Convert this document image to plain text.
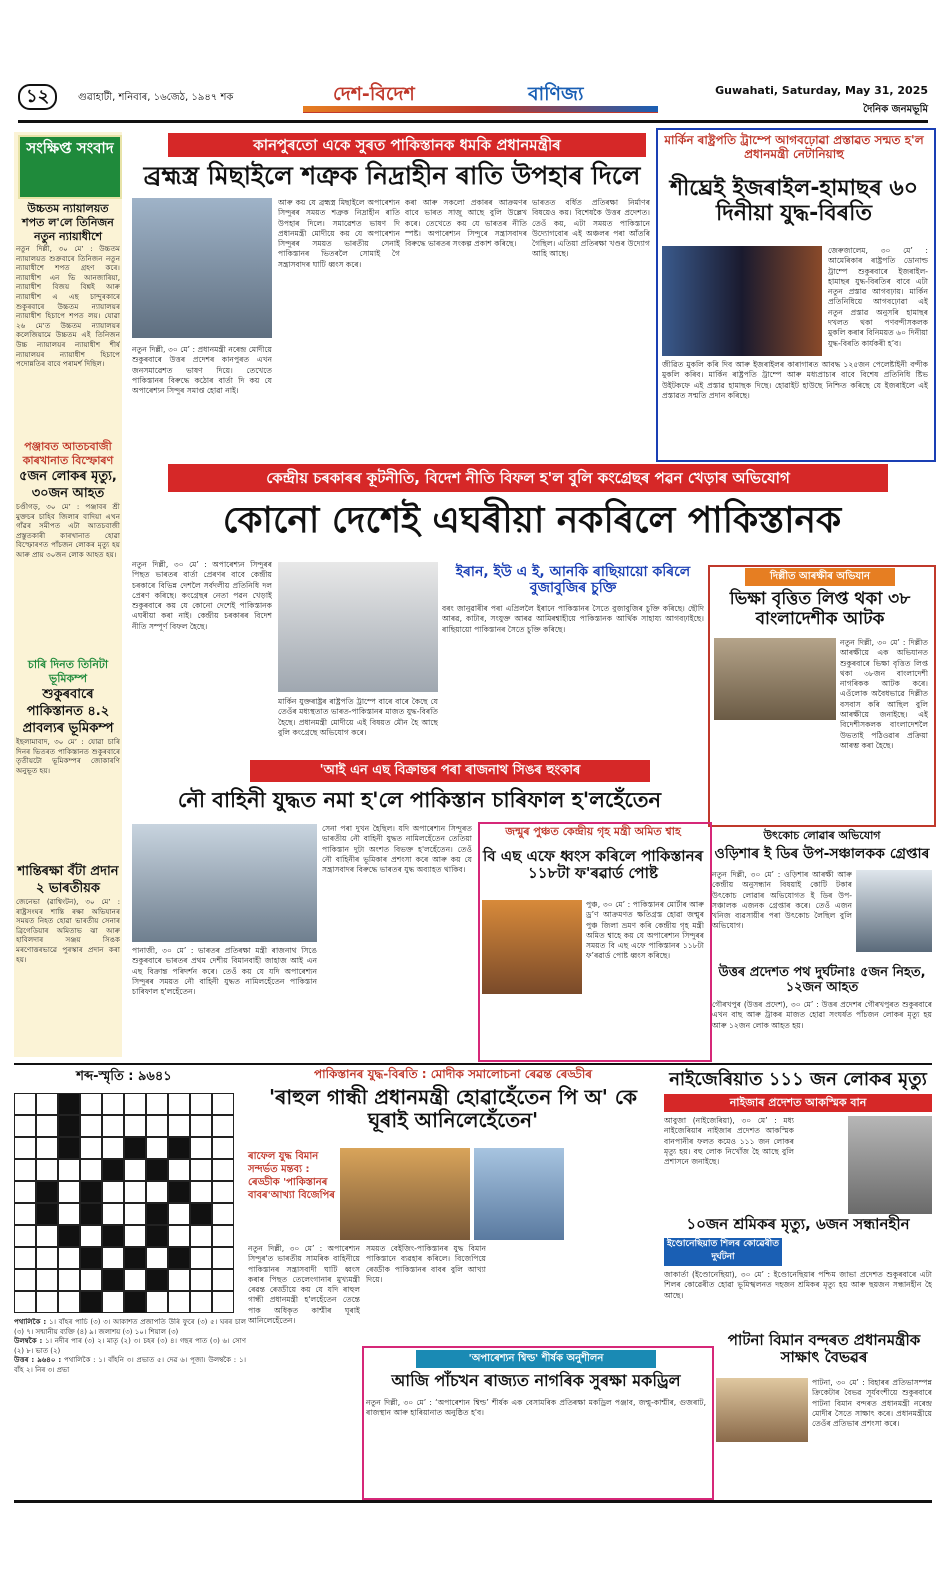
১২	গুৱাহাটী, শনিবাৰ, ১৬জেঠ, ১৯৪৭ শক	দেশ-বিদেশ	বাণিজ্য	Guwahati, Saturday, May 31, 2025
দৈনিক জনমভূমি
সংক্ষিপ্ত সংবাদ
উচ্চতম ন্যায়ালয়ত শপত ল'লে তিনিজন নতুন ন্যায়াধীশে
নতুন দিল্লী, ৩০ মে’ : উচ্চতম ন্যায়ালয়ত শুক্ৰবাৰে তিনিজন নতুন ন্যায়াধীশে শপত গ্ৰহণ কৰে। ন্যায়াধীশ এন ভি আনজাৰিয়া, ন্যায়াধীশ বিজয় বিশ্নই আৰু ন্যায়াধীশ এ এছ চান্দুৰকাৰে শুকুৰবাৰে উচ্চতম ন্যায়ালয়ৰ ন্যায়াধীশ হিচাপে শপত লয়। যোৱা ২৬ মে’ত উচ্চতম ন্যায়ালয়ৰ কলেজিয়ামে উচ্চতম এই তিনিজন উচ্চ ন্যায়ালয়ৰ ন্যায়াধীশ শীৰ্ষ ন্যায়ালয়ৰ ন্যায়াধীশ হিচাপে পদোন্নতিৰ বাবে পৰামৰ্শ দিছিল।
পঞ্জাবত আতচবাজী কাৰখানাত বিস্ফোৰণ
৫জন লোকৰ মৃত্যু, ৩০জন আহত
চণ্ডীগড়, ৩০ মে’ : পঞ্জাবৰ শ্ৰী মুক্তচৰ চাহিব জিলাৰ বাদিয়া এখন গাঁৱৰ সমীপত এটা আতচবাজী প্ৰস্তুতকাৰী কাৰখানাত হোৱা বিস্ফোৰণত পাঁচজন লোকৰ মৃত্যু হয় আৰু প্ৰায় ৩০জন লোক আহত হয়।
চাৰি দিনত তিনিটা ভূমিকম্প
শুকুৰবাৰে পাকিস্তানত ৪.২ প্ৰাবল্যৰ ভূমিকম্প
ইছলামাবাদ, ৩০ মে’ : যোৱা চাৰি দিনৰ ভিতৰত পাকিস্তানত শুকুৰবাৰে তৃতীয়টো ভূমিকম্পৰ জোকাৰণি অনুভূত হয়।
শান্তিৰক্ষা বঁটা প্ৰদান ২ ভাৰতীয়ক
জেনেভা (ৱাশ্বিংটন), ৩০ মে’ : ৰাষ্ট্ৰসংঘৰ শান্তি ৰক্ষা অভিযানৰ সময়ত নিহত হোৱা ভাৰতীয় সেনাৰ ব্ৰিগেডিয়াৰ অমিতাভ ঝা আৰু হাবিলদাৰ সঞ্জয় সিঙক মৰণোত্তৰভাৱে পুৰস্কাৰ প্ৰদান কৰা হয়।
কানপুৰতো একে সুৰত পাকিস্তানক ধমকি প্ৰধানমন্ত্ৰীৰ
ব্ৰহ্মস্ত্ৰ মিছাইলে শত্ৰুক নিদ্ৰাহীন ৰাতি উপহাৰ দিলে
নতুন দিল্লী, ৩০ মে’ : প্ৰধানমন্ত্ৰী নৰেন্দ্ৰ মোদীয়ে শুকুৰবাৰে উত্তৰ প্ৰদেশৰ কানপুৰত এখন জনসমাৱেশত ভাষণ দিয়ে। তেখেতে পাকিস্তানৰ বিৰুদ্ধে কঠোৰ বাৰ্তা দি কয় যে অপাৰেশ্যন সিন্দুৰ সমাপ্ত হোৱা নাই।
আৰু কয় যে ব্ৰহ্মস্ত্ৰ মিছাইলে অপাৰেশ্যন সিন্দুৰৰ সময়ত শত্ৰুক নিদ্ৰাহীন ৰাতি উপহাৰ দিলে। সমাৱেশত ভাষণ দি প্ৰধানমন্ত্ৰী মোদীয়ে কয় যে অপাৰেশ্যন সিন্দুৰৰ সময়ত ভাৰতীয় সেনাই পাকিস্তানৰ ভিতৰলৈ সোমাই গৈ সন্ত্ৰাসবাদৰ ঘাটি ধ্বংস কৰে।
কৰা আৰু সকলো প্ৰকাৰৰ আক্ৰমণৰ বাবে ভাৰত সাজু আছে বুলি উল্লেখ কৰে। তেখেতে কয় যে ভাৰতৰ নীতি স্পষ্ট। অপাৰেশ্যন সিন্দুৰে সন্ত্ৰাসবাদৰ বিৰুদ্ধে ভাৰতৰ সংকল্প প্ৰকাশ কৰিছে।
ভাৰতত বৰ্ধিত প্ৰতিৰক্ষা নিৰ্মাণৰ বিষয়েও কয়। বিশেষকৈ উত্তৰ প্ৰদেশত। তেওঁ কয়, এটা সময়ত পাকিস্তানে উদ্যোগবোৰ এই অঞ্চলৰ পৰা আঁতৰি গৈছিল। এতিয়া প্ৰতিৰক্ষা খণ্ডৰ উদ্যোগ আহি আছে।
মাৰ্কিন ৰাষ্ট্ৰপতি ট্ৰাম্পে আগবঢ়োৱা প্ৰস্তাৱত সন্মত হ'ল প্ৰধানমন্ত্ৰী নেটানিয়াহু
শীঘ্ৰেই ইজৰাইল-হামাছৰ ৬০ দিনীয়া যুদ্ধ-বিৰতি
জেৰুজালেম, ৩০ মে’ : আমেৰিকাৰ ৰাষ্ট্ৰপতি ডোনাল্ড ট্ৰাম্পে শুকুৰবাৰে ইজৰাইল-হামাছৰ যুদ্ধ-বিৰতিৰ বাবে এটা নতুন প্ৰস্তাৱ আগবঢ়ায়। মাৰ্কিন প্ৰতিনিধিয়ে আগবঢ়োৱা এই নতুন প্ৰস্তাৱ অনুসৰি হামাছৰ দখলত থকা পণবন্দীসকলক মুকলি কৰাৰ বিনিময়ত ৬০ দিনীয়া যুদ্ধ-বিৰতি কাৰ্যকৰী হ’ব।
জীৱিত মুকলি কৰি দিব আৰু ইজৰাইলৰ কাৰাগাৰত আবদ্ধ ১২৫জন পেলেষ্টাইনী বন্দীক মুকলি কৰিব। মাৰ্কিন ৰাষ্ট্ৰপতি ট্ৰাম্পে আৰু মধ্যপ্ৰাচ্যৰ বাবে বিশেষ প্ৰতিনিধি ষ্টিভ উইটকফে এই প্ৰস্তাৱ হামাছক দিছে। হোৱাইট হাউছে নিশ্চিত কৰিছে যে ইজৰাইলে এই প্ৰস্তাৱত সন্মতি প্ৰদান কৰিছে।
কেন্দ্ৰীয় চৰকাৰৰ কূটনীতি, বিদেশ নীতি বিফল হ'ল বুলি কংগ্ৰেছৰ পৱন খেড়াৰ অভিযোগ
কোনো দেশেই এঘৰীয়া নকৰিলে পাকিস্তানক
নতুন দিল্লী, ৩০ মে’ : অপাৰেশ্যন সিন্দুৰৰ পিছত ভাৰতৰ বাৰ্তা প্ৰেৰণৰ বাবে কেন্দ্ৰীয় চৰকাৰে বিভিন্ন দেশলৈ সৰ্বদলীয় প্ৰতিনিধি দল প্ৰেৰণ কৰিছে। কংগ্ৰেছৰ নেতা পৱন খেড়াই শুকুৰবাৰে কয় যে কোনো দেশেই পাকিস্তানক এঘৰীয়া কৰা নাই। কেন্দ্ৰীয় চৰকাৰৰ বিদেশ নীতি সম্পূৰ্ণ বিফল হৈছে।
ইৰান, ইউ এ ই, আনকি ৰাছিয়ায়ো কৰিলে বুজাবুজিৰ চুক্তি
বৰং জানুৱাৰীৰ পৰা এপ্ৰিললৈ ইৰানে পাকিস্তানৰ সৈতে বুজাবুজিৰ চুক্তি কৰিছে। ছৌদি আৰৱ, কাটাৰ, সংযুক্ত আৰৱ আমিৰশ্বাহীয়ে পাকিস্তানক আৰ্থিক সাহায্য আগবঢ়াইছে। ৰাছিয়ায়ো পাকিস্তানৰ সৈতে চুক্তি কৰিছে।
মাৰ্কিন যুক্তৰাষ্ট্ৰৰ ৰাষ্ট্ৰপতি ট্ৰাম্পে বাৰে বাৰে কৈছে যে তেওঁৰ মধ্যস্থতাত ভাৰত-পাকিস্তানৰ মাজত যুদ্ধ-বিৰতি হৈছে। প্ৰধানমন্ত্ৰী মোদীয়ে এই বিষয়ত মৌন হৈ আছে বুলি কংগ্ৰেছে অভিযোগ কৰে।
দিল্লীত আৰক্ষীৰ অভিযান
ভিক্ষা বৃত্তিত লিপ্ত থকা ৩৮ বাংলাদেশীক আটক
নতুন দিল্লী, ৩০ মে’ : দিল্লীত আৰক্ষীয়ে এক অভিযানত শুকুৰবাৰে ভিক্ষা বৃত্তিত লিপ্ত থকা ৩৮জন বাংলাদেশী নাগৰিকক আটক কৰে। এওঁলোক অবৈধভাৱে দিল্লীত বসবাস কৰি আছিল বুলি আৰক্ষীয়ে জনাইছে। এই বিদেশীসকলক বাংলাদেশলৈ উভতাই পঠিওৱাৰ প্ৰক্ৰিয়া আৰম্ভ কৰা হৈছে।
'আই এন এছ বিক্ৰান্তৰ পৰা ৰাজনাথ সিঙৰ হুংকাৰ
নৌ বাহিনী যুদ্ধত নমা হ'লে পাকিস্তান চাৰিফাল হ'লহেঁতেন
পানাজী, ৩০ মে’ : ভাৰতৰ প্ৰতিৰক্ষা মন্ত্ৰী ৰাজনাথ সিঙে শুকুৰবাৰে ভাৰতৰ প্ৰথম দেশীয় বিমানবাহী জাহাজ আই এন এছ বিক্ৰান্ত পৰিদৰ্শন কৰে। তেওঁ কয় যে যদি অপাৰেশ্যন সিন্দুৰৰ সময়ত নৌ বাহিনী যুদ্ধত নামিলহেঁতেন পাকিস্তান চাৰিফাল হ'লহেঁতেন।
সেনা পৰা দুখন হৈছিল। যদি অপাৰেশ্যন সিন্দুৰত ভাৰতীয় নৌ বাহিনী যুদ্ধত নামিলহেঁতেন তেতিয়া পাকিস্তান দুটা অংশত বিভক্ত হ'লহেঁতেন। তেওঁ নৌ বাহিনীৰ ভূমিকাৰ প্ৰশংসা কৰে আৰু কয় যে সন্ত্ৰাসবাদৰ বিৰুদ্ধে ভাৰতৰ যুদ্ধ অব্যাহত থাকিব।
জন্মুৰ পুঞ্চত কেন্দ্ৰীয় গৃহ মন্ত্ৰী অমিত শ্বাহ
বি এছ এফে ধ্বংস কৰিলে পাকিস্তানৰ ১১৮টা ফ'ৰৱাৰ্ড পোষ্ট
পুঞ্চ, ৩০ মে’ : পাকিস্তানৰ মোৰ্টাৰ আৰু ড্ৰ’ণ আক্ৰমণত ক্ষতিগ্ৰস্ত হোৱা জন্মুৰ পুঞ্চ জিলা ভ্ৰমণ কৰি কেন্দ্ৰীয় গৃহ মন্ত্ৰী অমিত শ্বাহে কয় যে অপাৰেশ্যন সিন্দুৰৰ সময়ত বি এছ এফে পাকিস্তানৰ ১১৮টা ফ’ৰৱাৰ্ড পোষ্ট ধ্বংস কৰিছে।
উৎকোচ লোৱাৰ অভিযোগ
ওড়িশাৰ ই ডিৰ উপ-সঞ্চালকক গ্ৰেপ্তাৰ
নতুন দিল্লী, ৩০ মে’ : ওড়িশাৰ আৰক্ষী আৰু কেন্দ্ৰীয় অনুসন্ধান বিষয়াই কোটি টকাৰ উৎকোচ লোৱাৰ অভিযোগত ই ডিৰ উপ-সঞ্চালক এজনক গ্ৰেপ্তাৰ কৰে। তেওঁ এজন খনিজ ব্যৱসায়ীৰ পৰা উৎকোচ লৈছিল বুলি অভিযোগ।
উত্তৰ প্ৰদেশত পথ দুৰ্ঘটনাঃ ৫জন নিহত, ১২জন আহত
গৌৰখপুৰ (উত্তৰ প্ৰদেশ), ৩০ মে’ : উত্তৰ প্ৰদেশৰ গৌৰখপুৰত শুকুৰবাৰে এখন বাছ আৰু ট্ৰাকৰ মাজত হোৱা সংঘৰ্ষত পাঁচজন লোকৰ মৃত্যু হয় আৰু ১২জন লোক আহত হয়।
শব্দ-স্মৃতি : ৯৬৪১
পথালিকৈ : ১। বাঁহৰ পাচি (৩) ৩। আকাশত প্ৰজাপতি উৰি ফুৰে (৩) ৫। ঘৰৰ চাল (৩) ৭। সন্মানীয় ব্যক্তি (৪) ৯। জলাশয় (৩) ১০। শিয়াল (৩)
উলম্বকৈ : ১। নদীৰ পাৰ (৩) ২। মাতৃ (২) ৩। চহৰ (৩) ৪। গছৰ পাত (৩) ৬। সোণ (২) ৮। ভাত (২)
উত্তৰ : ৯৬৪০ : পথালিকৈ : ১। বাঁহনি ৩। প্ৰভাত ৫। দেৱ ৬। পূজা। উলম্বকৈ : ১। বাঁহ ২। নিৰ ৩। প্ৰভা
পাকিস্তানৰ যুদ্ধ-বিৰতি : মোদীক সমালোচনা ৰেৱন্ত ৰেড্ডীৰ
'ৰাহুল গান্ধী প্ৰধানমন্ত্ৰী হোৱাহেঁতেন পি অ' কে ঘূৰাই আনিলেহেঁতেন'
ৰাফেল যুদ্ধ বিমান সন্দৰ্ভত মন্তব্য : ৰেড্ডীক 'পাকিস্তানৰ বাবৰ'আখ্যা বিজেপিৰ
নতুন দিল্লী, ৩০ মে’ : অপাৰেশ্যন সিন্দুৰ'ত ভাৰতীয় সামৰিক বাহিনীয়ে পাকিস্তানৰ সন্ত্ৰাসবাদী ঘাটি ধ্বংস কৰাৰ পিছত তেলেংগানাৰ মুখ্যমন্ত্ৰী ৰেৱন্ত ৰেড্ডীয়ে কয় যে যদি ৰাহুল গান্ধী প্ৰধানমন্ত্ৰী হ'লহেঁতেন তেন্তে পাক অধিকৃত কাশ্মীৰ ঘূৰাই আনিলেহেঁতেন।
সময়ত বেইজিং-পাকিস্তানৰ যুদ্ধ বিমান পাকিস্তানে ব্যৱহাৰ কৰিলে। বিজেপিয়ে ৰেড্ডীক পাকিস্তানৰ বাবৰ বুলি আখ্যা দিয়ে।
নাইজেৰিয়াত ১১১ জন লোকৰ মৃত্যু
নাইজাৰ প্ৰদেশত আকস্মিক বান
আবুজা (নাইজেৰিয়া), ৩০ মে’ : মধ্য নাইজেৰিয়াৰ নাইজাৰ প্ৰদেশত আকস্মিক বানপানীৰ ফলত কমেও ১১১ জন লোকৰ মৃত্যু হয়। বহু লোক নিখোঁজ হৈ আছে বুলি প্ৰশাসনে জনাইছে।
১০জন শ্ৰমিকৰ মৃত্যু, ৬জন সন্ধানহীন
ইণ্ডোনেছিয়াত শিলৰ কোৱেৰীত দুৰ্ঘটনা
জাকাৰ্তা (ইণ্ডোনেছিয়া), ৩০ মে’ : ইণ্ডোনেছিয়াৰ পশ্চিম জাভা প্ৰদেশত শুকুৰবাৰে এটা শিলৰ কোৱেৰীত হোৱা ভূমিস্খলনত দহজন শ্ৰমিকৰ মৃত্যু হয় আৰু ছয়জন সন্ধানহীন হৈ আছে।
'অপাৰেশ্যন শ্বিল্ড' শীৰ্ষক অনুশীলন
আজি পাঁচখন ৰাজ্যত নাগৰিক সুৰক্ষা মকড্ৰিল
নতুন দিল্লী, ৩০ মে’ : ‘অপাৰেশ্যন শ্বিল্ড’ শীৰ্ষক এক বেসামৰিক প্ৰতিৰক্ষা মকড্ৰিল পঞ্জাব, জন্মু-কাশ্মীৰ, গুজৰাট, ৰাজস্থান আৰু হাৰিয়ানাত অনুষ্ঠিত হ'ব।
পাটনা বিমান বন্দৰত প্ৰধানমন্ত্ৰীক সাক্ষাৎ বৈভৱৰ
পাটনা, ৩০ মে’ : বিহাৰৰ প্ৰতিভাসম্পন্ন ক্ৰিকেটাৰ বৈভৱ সূৰ্যবংশীয়ে শুকুৰবাৰে পাটনা বিমান বন্দৰত প্ৰধানমন্ত্ৰী নৰেন্দ্ৰ মোদীৰ সৈতে সাক্ষাৎ কৰে। প্ৰধানমন্ত্ৰীয়ে তেওঁৰ প্ৰতিভাৰ প্ৰশংসা কৰে।
